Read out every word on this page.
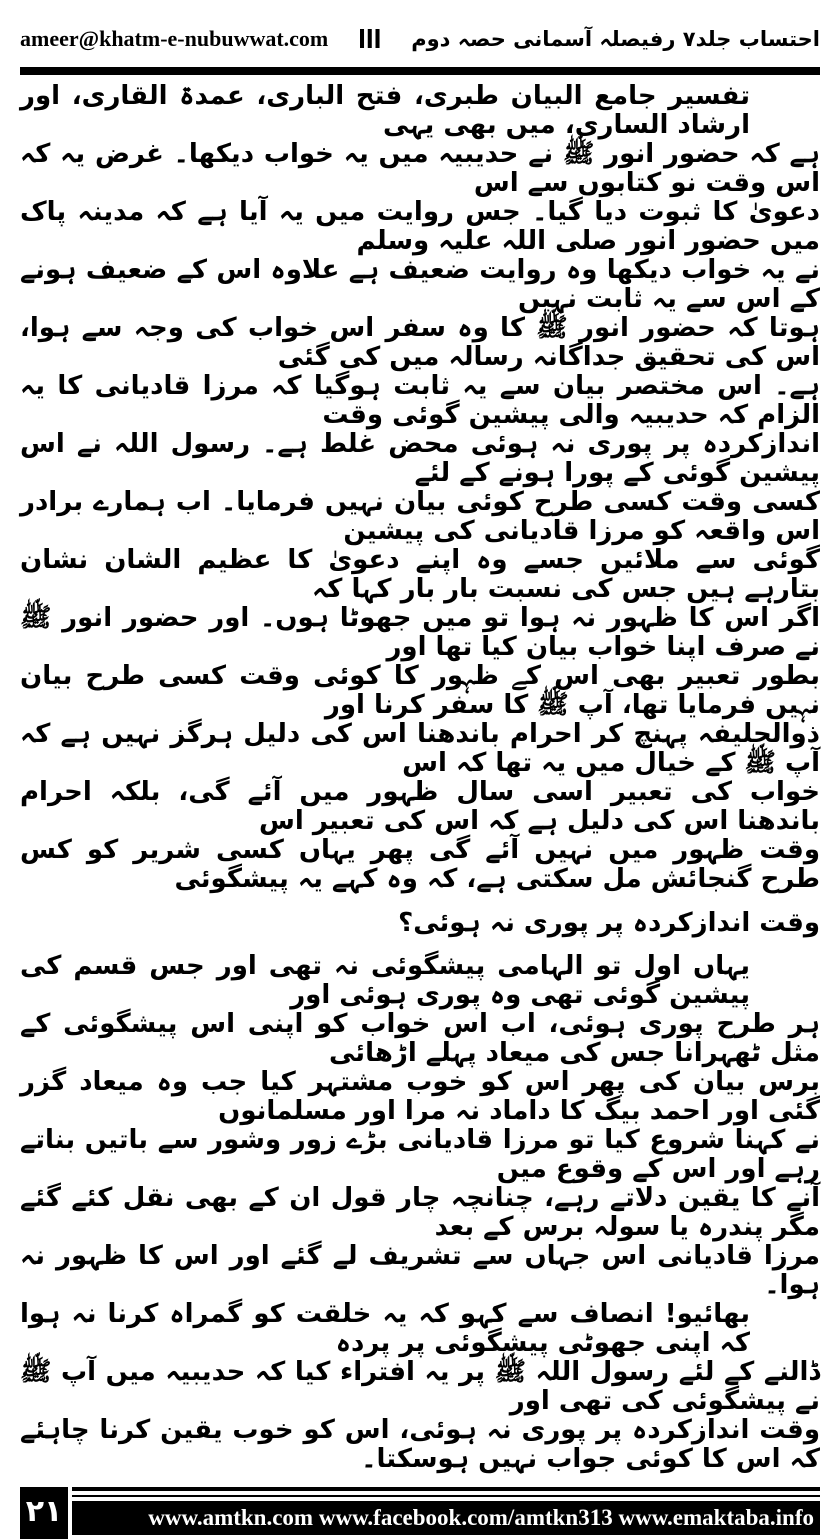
ameer@khatm-e-nubuwwat.com III احتساب جلد۷ رفیصلہ آسمانی حصہ دوم
تفسیر جامع البیان طبری، فتح الباری، عمدۃ القاری، اور ارشاد الساری، میں بھی یہی
ہے کہ حضور انور ﷺ نے حدیبیہ میں یہ خواب دیکھا۔ غرض یہ کہ اس وقت نو کتابوں سے اس
دعویٰ کا ثبوت دیا گیا۔ جس روایت میں یہ آیا ہے کہ مدینہ پاک میں حضور انور صلی اللہ علیہ وسلم
نے یہ خواب دیکھا وہ روایت ضعیف ہے علاوہ اس کے ضعیف ہونے کے اس سے یہ ثابت نہیں
ہوتا کہ حضور انور ﷺ کا وہ سفر اس خواب کی وجہ سے ہوا، اس کی تحقیق جداگانہ رسالہ میں کی گئی
ہے۔ اس مختصر بیان سے یہ ثابت ہوگیا کہ مرزا قادیانی کا یہ الزام کہ حدیبیہ والی پیشین گوئی وقت
اندازکردہ پر پوری نہ ہوئی محض غلط ہے۔ رسول اللہ نے اس پیشین گوئی کے پورا ہونے کے لئے
کسی وقت کسی طرح کوئی بیان نہیں فرمایا۔ اب ہمارے برادر اس واقعہ کو مرزا قادیانی کی پیشین
گوئی سے ملائیں جسے وہ اپنے دعویٰ کا عظیم الشان نشان بتارہے ہیں جس کی نسبت بار بار کہا کہ
اگر اس کا ظہور نہ ہوا تو میں جھوٹا ہوں۔ اور حضور انور ﷺ نے صرف اپنا خواب بیان کیا تھا اور
بطور تعبیر بھی اس کے ظہور کا کوئی وقت کسی طرح بیان نہیں فرمایا تھا، آپ ﷺ کا سفر کرنا اور
ذوالحلیفہ پہنچ کر احرام باندھنا اس کی دلیل ہرگز نہیں ہے کہ آپ ﷺ کے خیال میں یہ تھا کہ اس
خواب کی تعبیر اسی سال ظہور میں آئے گی، بلکہ احرام باندھنا اس کی دلیل ہے کہ اس کی تعبیر اس
وقت ظہور میں نہیں آئے گی پھر یہاں کسی شریر کو کس طرح گنجائش مل سکتی ہے، کہ وہ کہے یہ پیشگوئی
وقت اندازکردہ پر پوری نہ ہوئی؟
یہاں اول تو الہامی پیشگوئی نہ تھی اور جس قسم کی پیشین گوئی تھی وہ پوری ہوئی اور
ہر طرح پوری ہوئی، اب اس خواب کو اپنی اس پیشگوئی کے مثل ٹھہرانا جس کی میعاد پہلے اڑھائی
برس بیان کی پھر اس کو خوب مشتہر کیا جب وہ میعاد گزر گئی اور احمد بیگ کا داماد نہ مرا اور مسلمانوں
نے کہنا شروع کیا تو مرزا قادیانی بڑے زور وشور سے باتیں بناتے رہے اور اس کے وقوع میں
آنے کا یقین دلاتے رہے، چنانچہ چار قول ان کے بھی نقل کئے گئے مگر پندرہ یا سولہ برس کے بعد
مرزا قادیانی اس جہاں سے تشریف لے گئے اور اس کا ظہور نہ ہوا۔
بھائیو! انصاف سے کہو کہ یہ خلقت کو گمراہ کرنا نہ ہوا کہ اپنی جھوٹی پیشگوئی پر پردہ
ڈالنے کے لئے رسول اللہ ﷺ پر یہ افتراء کیا کہ حدیبیہ میں آپ ﷺ نے پیشگوئی کی تھی اور
وقت اندازکردہ پر پوری نہ ہوئی، اس کو خوب یقین کرنا چاہئے کہ اس کا کوئی جواب نہیں ہوسکتا۔
۲۱	www.amtkn.com www.facebook.com/amtkn313 www.emaktaba.info
